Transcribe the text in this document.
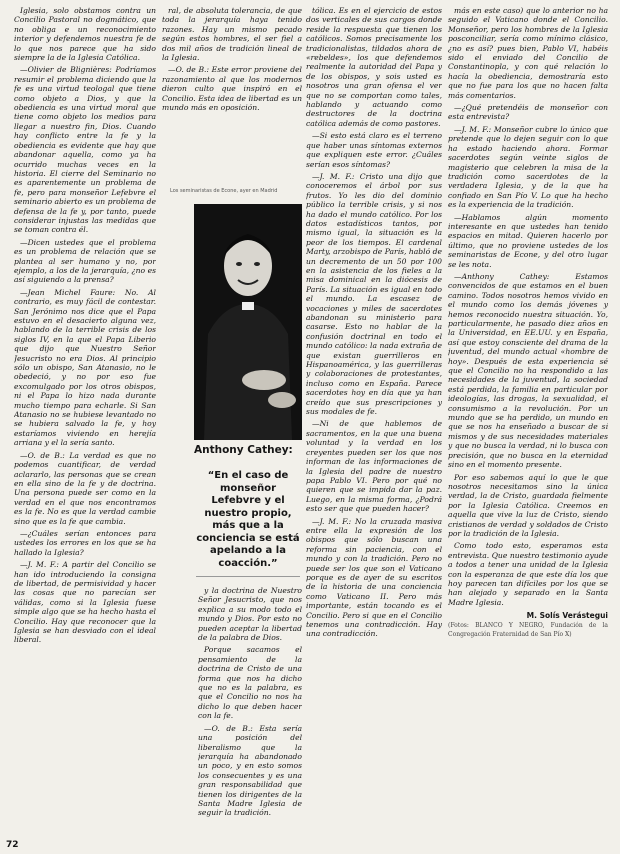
Iglesia, solo obstamos contra un Concilio Pastoral no dogmático, que no obliga e un reconocimiento interior y defendemos nuestra fe de lo que nos parece que ha sido siempre la de la Iglesia Católica.

—Olivier de Blignières: Podríamos resumir el problema diciendo que la fe es una virtud teologal que tiene como objeto a Dios, y que la obediencia es una virtud moral que tiene como objeto los medios para llegar a nuestro fin, Dios. Cuando hay conflicto entre la fe y la obediencia es evidente que hay que abandonar aquella, como ya ha ocurrido muchas veces en la historia. El cierre del Seminario no es aparentemente un problema de fe, pero para monseñor Lefebvre el seminario abierto es un problema de defensa de la fe y, por tanto, puede considerar injustas las medidas que se toman contra él.

—Dicen ustedes que el problema es un problema de relación que se plantea al ser humano y no, por ejemplo, a los de la jerarquía, ¿no es así siguiendo a la prensa?

—Jean Michel Faure: No. Al contrario, es muy fácil de contestar. San Jerónimo nos dice que el Papa estuvo en el desacierto alguna vez, hablando de la terrible crisis de los siglos IV, en la que el Papa Liberio que dijo que Nuestro Señor Jesucristo no era Dios. Al principio sólo un obispo, San Atanasio, no le obedeció, y no por eso fue excomulgado por los otros obispos, ni el Papa lo hizo nada durante mucho tiempo para echarle. Si San Atanasio no se hubiese levantado no se hubiera salvado la fe, y hoy estaríamos viviendo en herejía arriana y el la sería santo.

—O. de B.: La verdad es que no podemos cuantificar, de verdad aclararlo, las personas que se crean en ella sino de la fe y de doctrina. Una persona puede ser como en la verdad en el que nos encontramos es la fe. No es que la verdad cambie sino que es la fe que cambia.

—¿Cuáles serían entonces para ustedes los errores en los que se ha hallado la Iglesia?

—J. M. F.: A partir del Concilio se han ido introduciendo la consigna de libertad, de permisividad y hacer las cosas que no parecían ser válidas, como si la Iglesia fuese simple algo que se ha hecho hasta el Concilio. Hay que reconocer que la Iglesia se han desviado con el ideal liberal.

ral, de absoluta tolerancia, de que toda la jerarquía haya tenido razones. Hay un mismo pecado según estos hombres, el ser fiel a dos mil años de tradición lineal de la Iglesia.

—O. de B.: Este error proviene del razonamiento al que los modernos dieron culto que inspiró en el Concilio. Esta idea de libertad es un mundo más en oposición.

Los seminaristas de Econe, ayer en Madrid
Anthony Cathey:
“En el caso de monseñor Lefebvre y el nuestro propio, más que a la conciencia se está apelando a la coacción.”

y la doctrina de Nuestro Señor Jesucristo, que nos explica a su modo todo el mundo y Dios. Por esto no pueden aceptar la libertad de la palabra de Dios.

Porque sacamos el pensamiento de la doctrina de Cristo de una forma que nos ha dicho que no es la palabra, es que el Concilio no nos ha dicho lo que deben hacer con la fe.

—O. de B.: Esta sería una posición del liberalismo que la jerarquía ha abandonado un poco, y en esto somos los consecuentes y es una gran responsabilidad que tienen los dirigentes de la Santa Madre Iglesia de seguir la tradición.

tólica. Es en el ejercicio de estos dos verticales de sus cargos donde reside la respuesta que tienen los católicos. Somos precisamente los tradicionalistas, tildados ahora de «rebeldes», los que defendemos realmente la autoridad del Papa y de los obispos, y sois usted es nosotros una gran ofensa el ver que no se comportan como tales, hablando y actuando como destructores de la doctrina católica además de como pastores.

—Si esto está claro es el terreno que haber unas síntomas externos que expliquen este error. ¿Cuáles serían esos síntomas?

—J. M. F.: Cristo una dijo que conoceremos el árbol por sus frutos. Yo les dio del dominio público la terrible crisis, y si nos ha dado el mundo católico. Por los datos estadísticos tantos, por mismo igual, la situación es la peor de los tiempos. El cardenal Marty, arzobispo de París, habló de un decremento de un 50 por 100 en la asistencia de los fieles a la misa dominical en la diócesis de París. La situación es igual en todo el mundo. La escasez de vocaciones y miles de sacerdotes abandonan su ministerio para casarse. Esto no hablar de la confusión doctrinal en todo el mundo católico: la nada extraña de que existan guerrilleros en Hispanoamérica, y las guerrilleras y colaboraciones de protestantes, incluso como en España. Parece sacerdotes hoy en día que ya han creído que sus prescripciones y sus modales de fe.

—Ni de que hablemos de sacramentos, en la que una buena voluntad y la verdad en los creyentes pueden ser los que nos informan de las informaciones de la Iglesia del padre de nuestro papa Pablo VI. Pero por qué no quieren que se impida dar la paz. Luego, en la misma forma, ¿Podrá esto ser que que pueden hacer?

—J. M. F.: No la cruzada masiva entre ella la expresión de los obispos que sólo buscan una reforma sin paciencia, con el mundo y con la tradición. Pero no puede ser los que son el Vaticano porque es de ayer de su escritos de la historia de una conciencia como Vaticano II. Pero más importante, están tocando es el Concilio. Pero si que en el Concilio tenemos una contradicción. Hay una contradicción.

más en este caso) que lo anterior no ha seguido el Vaticano donde el Concilio. Monseñor, pero los hombres de la Iglesia posconciliar, sería como mínimo clásico, ¿no es así? pues bien, Pablo VI, habéis sido el enviado del Concilio de Constantinopla, y con qué relación lo hacía la obediencia, demostraría esto que no fue para los que no hacen falta más comentarios.

—¿Qué pretendéis de monseñor con esta entrevista?

—J. M. F.: Monseñor cubre lo único que pretende que lo dejen seguir con lo que ha estado haciendo ahora. Formar sacerdotes según veinte siglos de magisterio que celebren la misa de la tradición como sacerdotes de la verdadera Iglesia, y de la que ha confiado en San Pío V. Lo que ha hecho es la experiencia de la tradición.

—Hablamos algún momento interesante en que ustedes han tenido espacios en mitad. Quieren hacerlo por último, que no proviene ustedes de los seminaristas de Econe, y del otro lugar se les nota.

—Anthony Cathey: Estamos convencidos de que estamos en el buen camino. Todos nosotros hemos vivido en el mundo como los demás jóvenes y hemos reconocido nuestra situación. Yo, particularmente, he pasado diez años en la Universidad, en EE.UU. y en España, así que estoy consciente del drama de la juventud, del mundo actual «hombre de hoy». Después de esta experiencia sé que el Concilio no ha respondido a las necesidades de la juventud, la sociedad está perdida, la familia en particular por ideologías, las drogas, la sexualidad, el consumismo a la revolución. Por un mundo que se ha perdido, un mundo en que se nos ha enseñado a buscar de sí mismos y de sus necesidades materiales y que no busca la verdad, ni lo busca con precisión, que no busca en la eternidad sino en el momento presente.

Por eso sabemos aquí lo que le que nosotros necesitamos sino la única verdad, la de Cristo, guardada fielmente por la Iglesia Católica. Creemos en aquella que vive la luz de Cristo, siendo cristianos de verdad y soldados de Cristo por la tradición de la Iglesia.

Como todo esto, esperamos esta entrevista. Que nuestro testimonio ayude a todos a tener una unidad de la Iglesia con la esperanza de que este día los que hoy parecen tan difíciles por los que se han alejado y separado en la Santa Madre Iglesia.

M. Solís Verástegui
(Fotos: BLANCO Y NEGRO, Fundación de la Congregación Fraternidad de San Pío X)
72
